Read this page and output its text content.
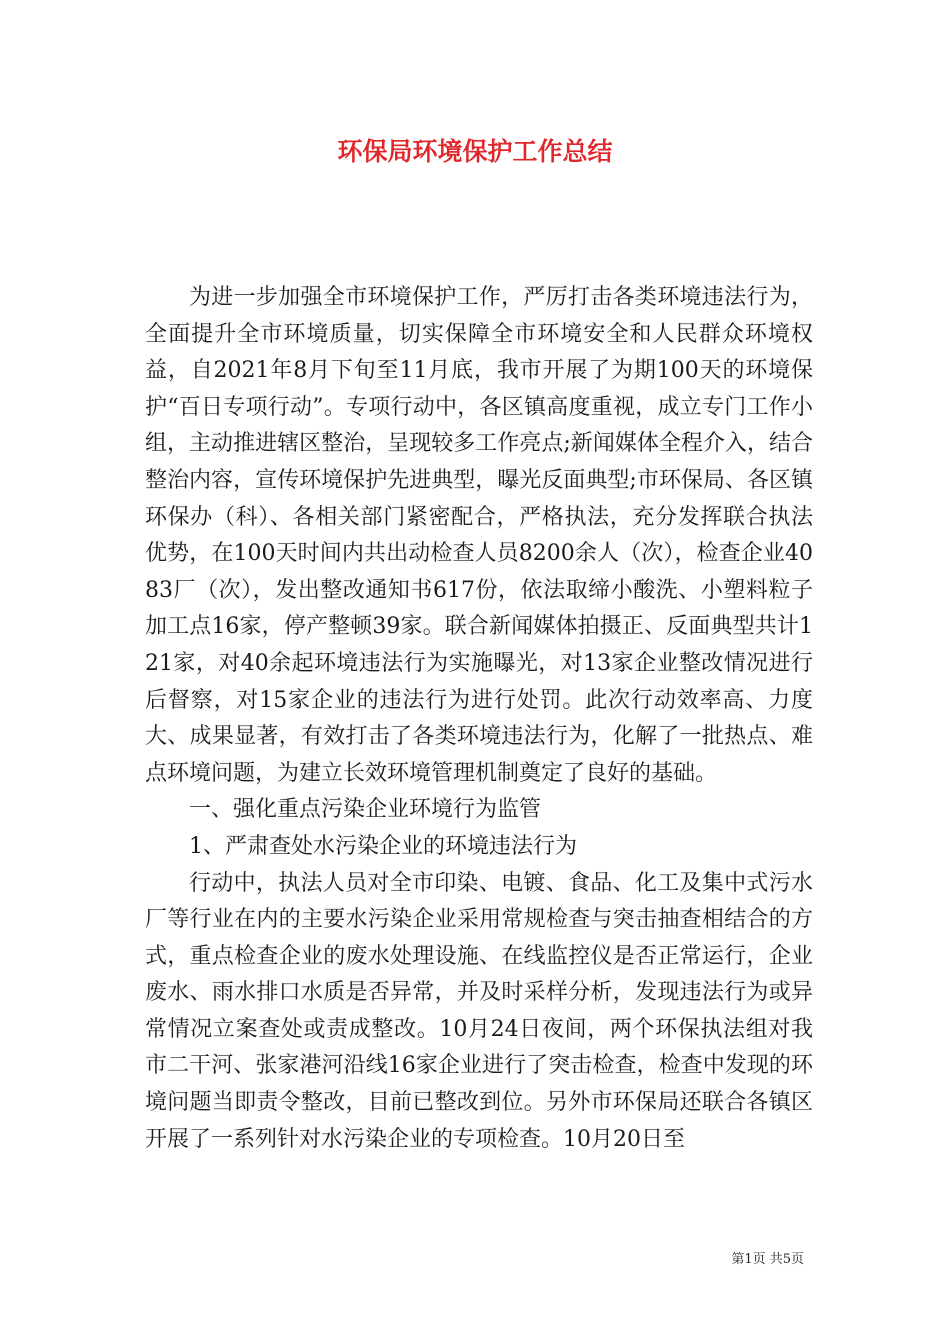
环保局环境保护工作总结

为进一步加强全市环境保护工作，严厉打击各类环境违法行为，全面提升全市环境质量，切实保障全市环境安全和人民群众环境权益，自2021年8月下旬至11月底，我市开展了为期100天的环境保护“百日专项行动”。专项行动中，各区镇高度重视，成立专门工作小组，主动推进辖区整治，呈现较多工作亮点;新闻媒体全程介入，结合整治内容，宣传环境保护先进典型，曝光反面典型;市环保局、各区镇环保办（科）、各相关部门紧密配合，严格执法，充分发挥联合执法优势，在100天时间内共出动检查人员8200余人（次），检查企业4083厂（次），发出整改通知书617份，依法取缔小酸洗、小塑料粒子加工点16家，停产整顿39家。联合新闻媒体拍摄正、反面典型共计121家，对40余起环境违法行为实施曝光，对13家企业整改情况进行后督察，对15家企业的违法行为进行处罚。此次行动效率高、力度大、成果显著，有效打击了各类环境违法行为，化解了一批热点、难点环境问题，为建立长效环境管理机制奠定了良好的基础。

一、强化重点污染企业环境行为监管

1、严肃查处水污染企业的环境违法行为

行动中，执法人员对全市印染、电镀、食品、化工及集中式污水厂等行业在内的主要水污染企业采用常规检查与突击抽查相结合的方式，重点检查企业的废水处理设施、在线监控仪是否正常运行，企业废水、雨水排口水质是否异常，并及时采样分析，发现违法行为或异常情况立案查处或责成整改。10月24日夜间，两个环保执法组对我市二干河、张家港河沿线16家企业进行了突击检查，检查中发现的环境问题当即责令整改，目前已整改到位。另外市环保局还联合各镇区开展了一系列针对水污染企业的专项检查。10月20日至

第1页 共5页
